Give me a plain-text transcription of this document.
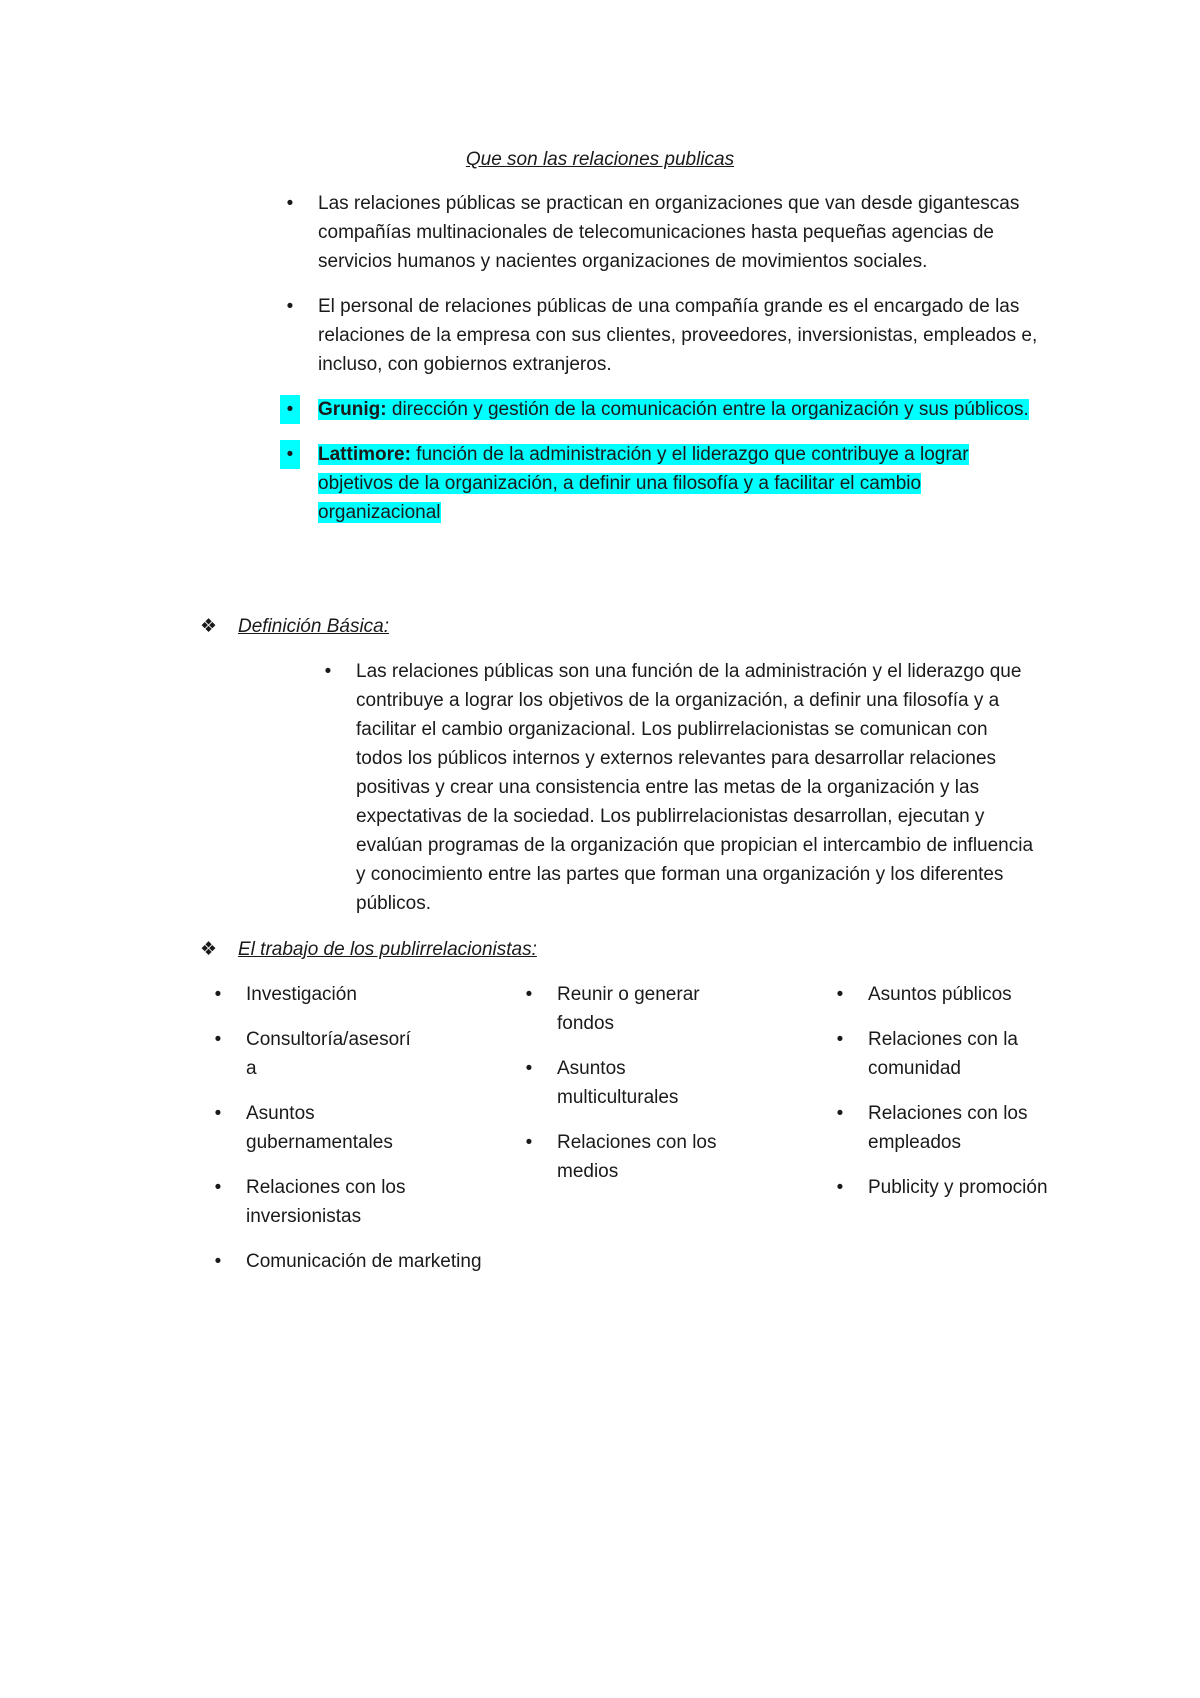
Que son las relaciones publicas
•	Las relaciones públicas se practican en organizaciones que van desde gigantescas compañías multinacionales de telecomunicaciones hasta pequeñas agencias de servicios humanos y nacientes organizaciones de movimientos sociales.
•	El personal de relaciones públicas de una compañía grande es el encargado de las relaciones de la empresa con sus clientes, proveedores, inversionistas, empleados e, incluso, con gobiernos extranjeros.
•	Grunig: dirección y gestión de la comunicación entre la organización y sus públicos.
•	Lattimore: función de la administración y el liderazgo que contribuye a lograr objetivos de la organización, a definir una filosofía y a facilitar el cambio organizacional
❖ Definición Básica:
•	Las relaciones públicas son una función de la administración y el liderazgo que contribuye a lograr los objetivos de la organización, a definir una filosofía y a facilitar el cambio organizacional. Los publirrelacionistas se comunican con todos los públicos internos y externos relevantes para desarrollar relaciones positivas y crear una consistencia entre las metas de la organización y las expectativas de la sociedad. Los publirrelacionistas desarrollan, ejecutan y evalúan programas de la organización que propician el intercambio de influencia y conocimiento entre las partes que forman una organización y los diferentes públicos.
❖ El trabajo de los publirrelacionistas:
•	Investigación
•	Consultoría/asesoría
•	Asuntos gubernamentales
•	Relaciones con los inversionistas
•	Comunicación de marketing
•	Reunir o generar fondos
•	Asuntos multiculturales
•	Relaciones con los medios
•	Asuntos públicos
•	Relaciones con la comunidad
•	Relaciones con los empleados
•	Publicity y promoción
